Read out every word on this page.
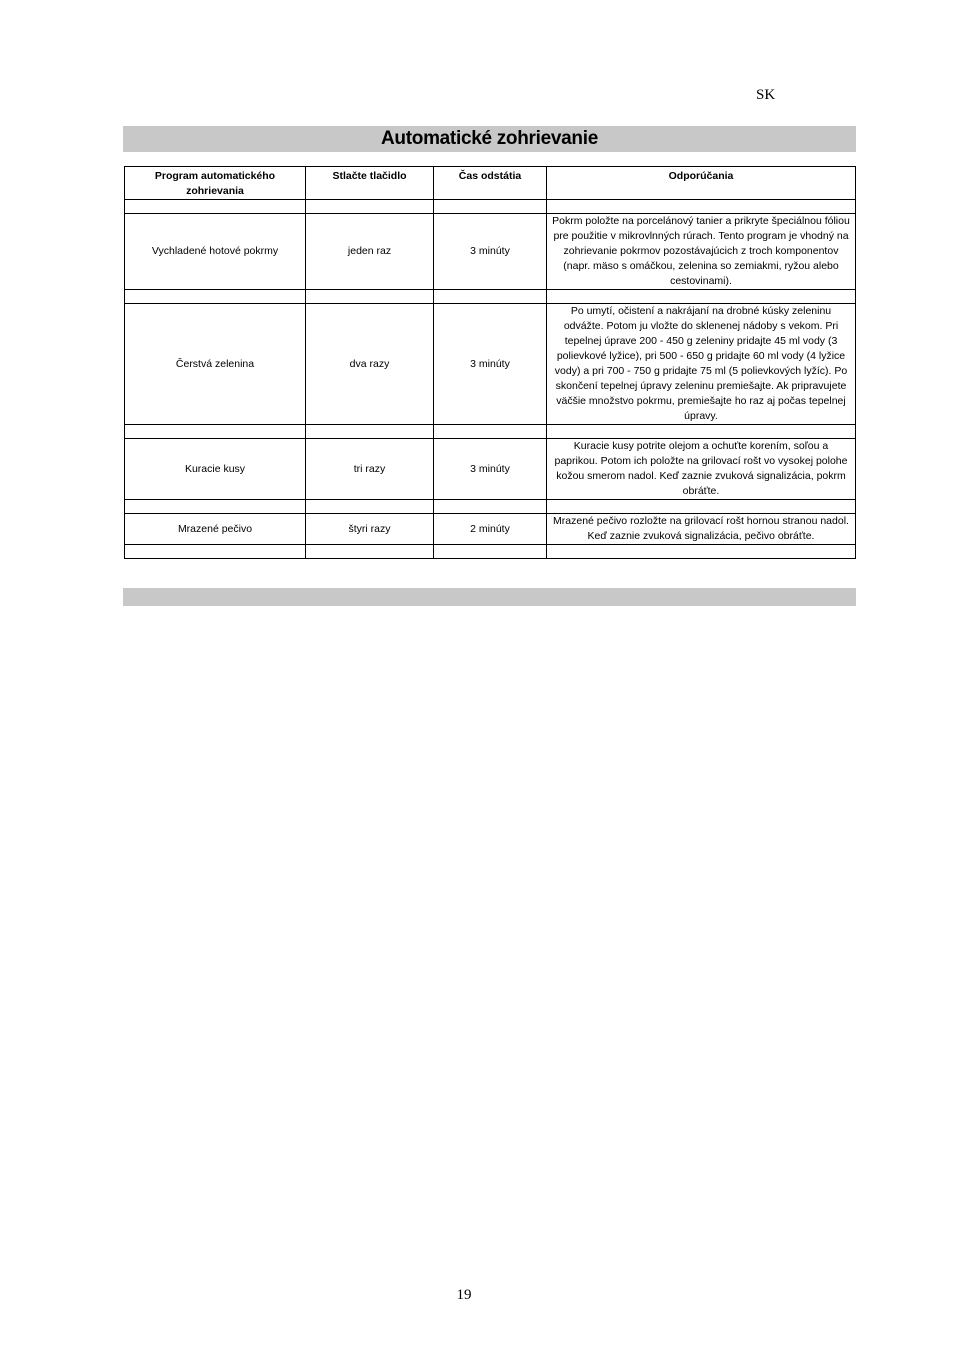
SK
Automatické zohrievanie
Program automatického zohrievania	Stlačte tlačidlo	Čas odstátia	Odporúčania

Vychladené hotové pokrmy	jeden raz	3 minúty	Pokrm položte na porcelánový tanier a prikryte špeciálnou fóliou pre použitie v mikrovlnných rúrach. Tento program je vhodný na zohrievanie pokrmov pozostávajúcich z troch komponentov (napr. mäso s omáčkou, zelenina so zemiakmi, ryžou alebo cestovinami).

Čerstvá zelenina	dva razy	3 minúty	Po umytí, očistení a nakrájaní na drobné kúsky zeleninu odvážte. Potom ju vložte do sklenenej nádoby s vekom. Pri tepelnej úprave 200 - 450 g zeleniny pridajte 45 ml vody (3 polievkové lyžice), pri 500 - 650 g pridajte 60 ml vody (4 lyžice vody) a pri 700 - 750 g pridajte 75 ml (5 polievkových lyžíc). Po skončení tepelnej úpravy zeleninu premiešajte. Ak pripravujete väčšie množstvo pokrmu, premiešajte ho raz aj počas tepelnej úpravy.

Kuracie kusy	tri razy	3 minúty	Kuracie kusy potrite olejom a ochuťte korením, soľou a paprikou. Potom ich položte na grilovací rošt vo vysokej polohe kožou smerom nadol. Keď zaznie zvuková signalizácia, pokrm obráťte.

Mrazené pečivo	štyri razy	2 minúty	Mrazené pečivo rozložte na grilovací rošt hornou stranou nadol. Keď zaznie zvuková signalizácia, pečivo obráťte.

19
